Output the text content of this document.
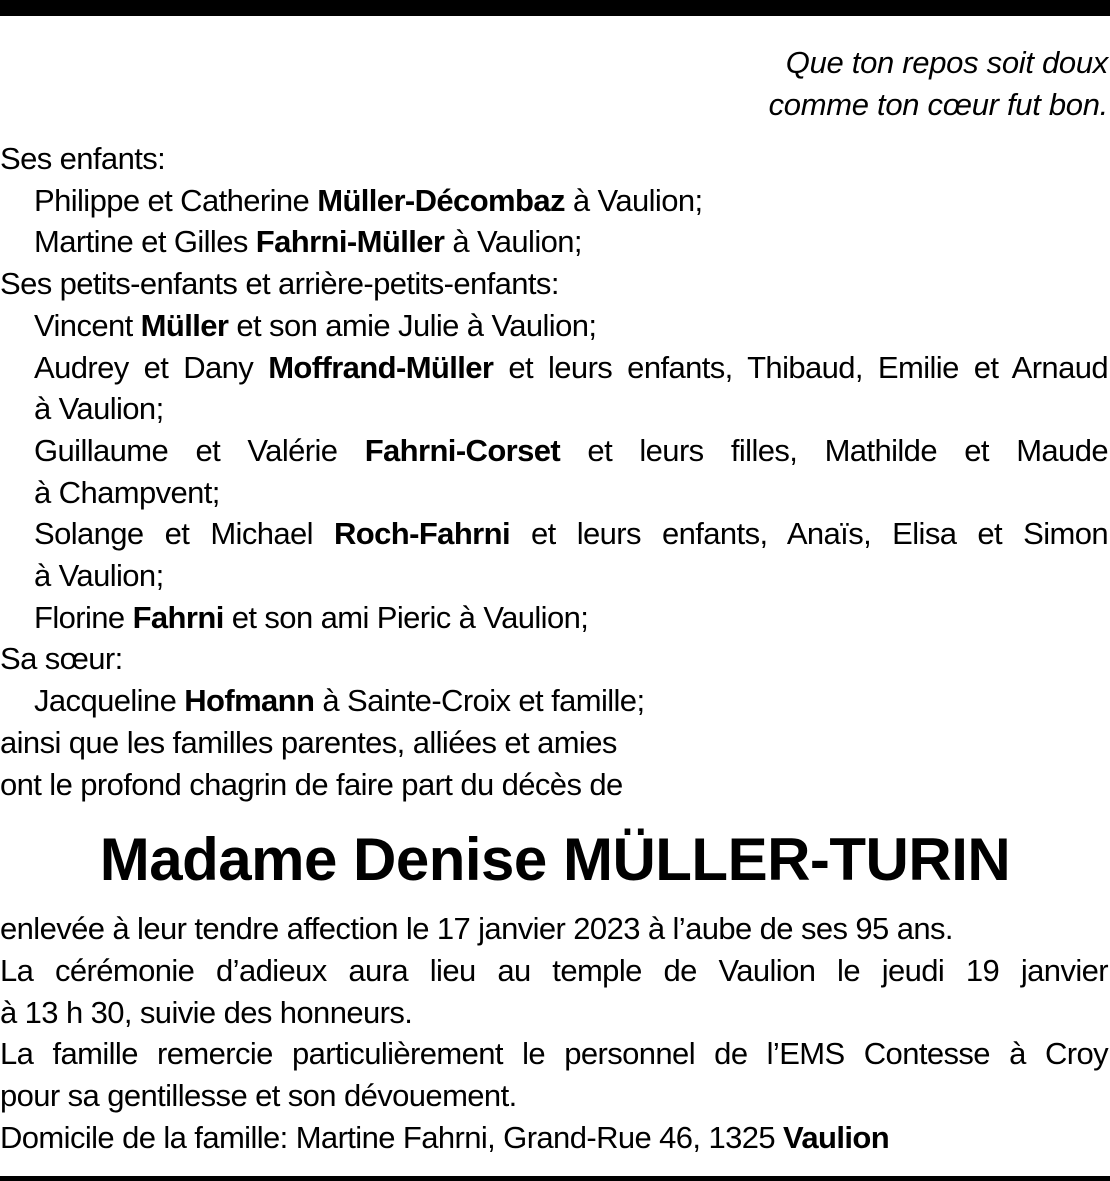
Que ton repos soit doux
comme ton cœur fut bon.
Ses enfants:
Philippe et Catherine Müller-Décombaz à Vaulion;
Martine et Gilles Fahrni-Müller à Vaulion;
Ses petits-enfants et arrière-petits-enfants:
Vincent Müller et son amie Julie à Vaulion;
Audrey et Dany Moffrand-Müller et leurs enfants, Thibaud, Emilie et Arnaud
à Vaulion;
Guillaume et Valérie Fahrni-Corset et leurs filles, Mathilde et Maude
à Champvent;
Solange et Michael Roch-Fahrni et leurs enfants, Anaïs, Elisa et Simon
à Vaulion;
Florine Fahrni et son ami Pieric à Vaulion;
Sa sœur:
Jacqueline Hofmann à Sainte-Croix et famille;
ainsi que les familles parentes, alliées et amies
ont le profond chagrin de faire part du décès de
Madame Denise MÜLLER-TURIN
enlevée à leur tendre affection le 17 janvier 2023 à l’aube de ses 95 ans.
La cérémonie d’adieux aura lieu au temple de Vaulion le jeudi 19 janvier
à 13 h 30, suivie des honneurs.
La famille remercie particulièrement le personnel de l’EMS Contesse à Croy
pour sa gentillesse et son dévouement.
Domicile de la famille: Martine Fahrni, Grand-Rue 46, 1325 Vaulion
